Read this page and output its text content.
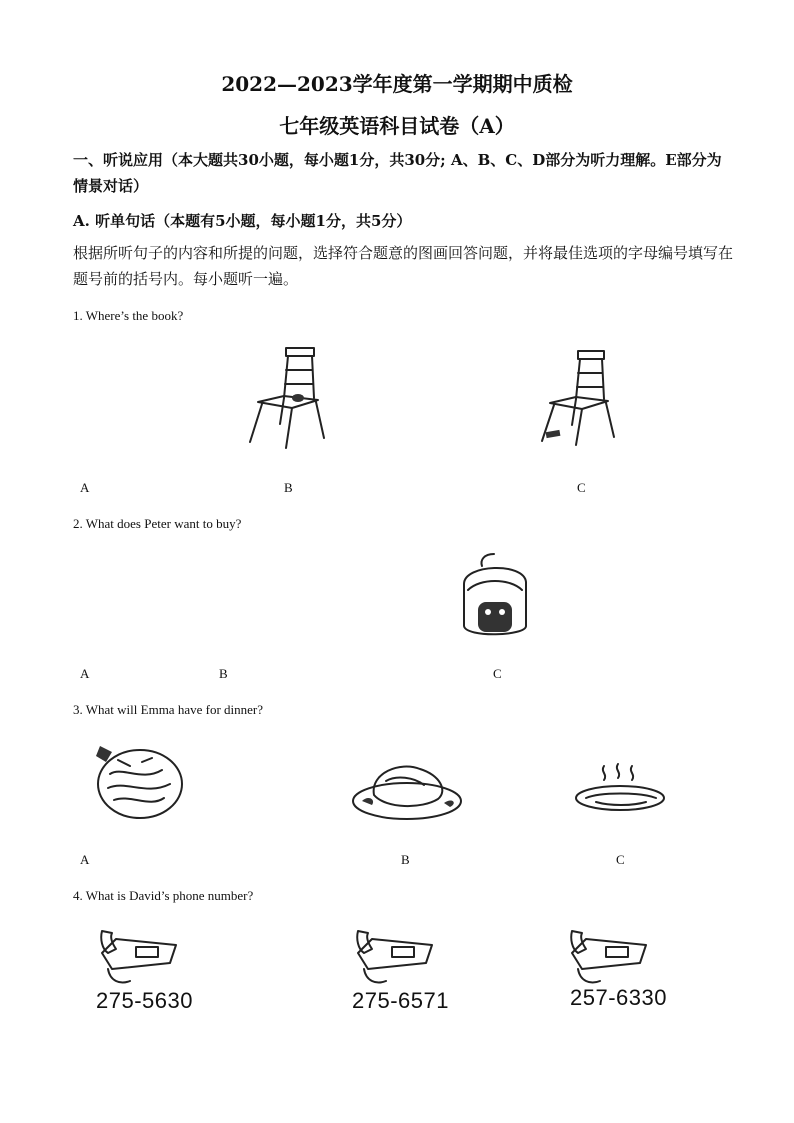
2022—2023学年度第一学期期中质检
七年级英语科目试卷（A）
一、听说应用（本大题共30小题，每小题1分，共30分; A、B、C、D部分为听力理解。E部分为情景对话）
A. 听单句话（本题有5小题，每小题1分，共5分）
根据所听句子的内容和所提的问题，选择符合题意的图画回答问题，并将最佳选项的字母编号填写在题号前的括号内。每小题听一遍。
1. Where’s the book?
A	B	C
2. What does Peter want to buy?
A	B	C
3. What will Emma have for dinner?
A	B	C
4. What is David’s phone number?
275-5630	275-6571	257-6330
